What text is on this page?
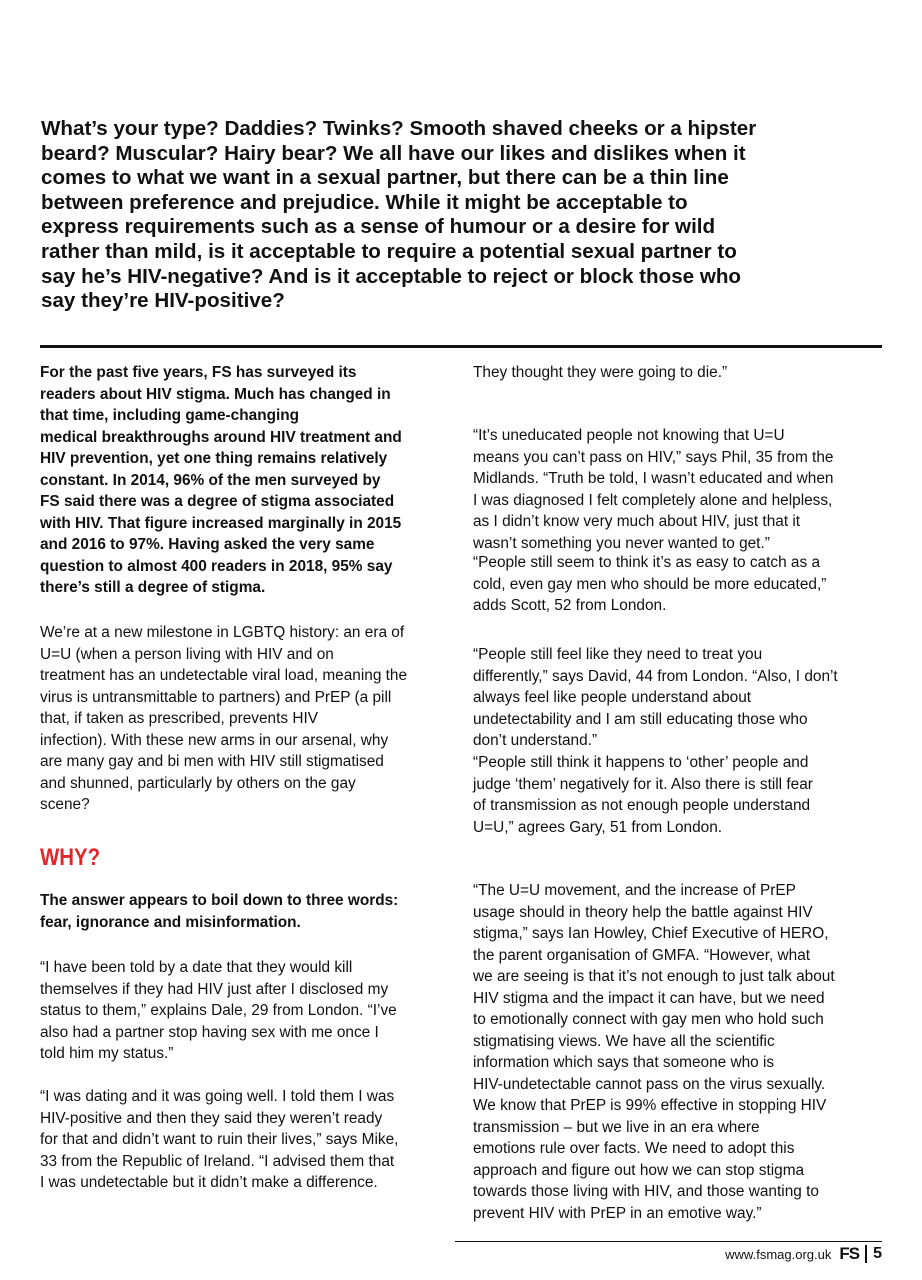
What’s your type? Daddies? Twinks? Smooth shaved cheeks or a hipster
beard? Muscular? Hairy bear? We all have our likes and dislikes when it
comes to what we want in a sexual partner, but there can be a thin line
between preference and prejudice. While it might be acceptable to
express requirements such as a sense of humour or a desire for wild
rather than mild, is it acceptable to require a potential sexual partner to
say he’s HIV-negative? And is it acceptable to reject or block those who
say they’re HIV-positive?
For the past five years, FS has surveyed its
readers about HIV stigma. Much has changed in
that time, including game-changing
medical breakthroughs around HIV treatment and
HIV prevention, yet one thing remains relatively
constant. In 2014, 96% of the men surveyed by
FS said there was a degree of stigma associated
with HIV. That figure increased marginally in 2015
and 2016 to 97%. Having asked the very same
question to almost 400 readers in 2018, 95% say
there’s still a degree of stigma.
We’re at a new milestone in LGBTQ history: an era of
U=U (when a person living with HIV and on
treatment has an undetectable viral load, meaning the
virus is untransmittable to partners) and PrEP (a pill
that, if taken as prescribed, prevents HIV
infection). With these new arms in our arsenal, why
are many gay and bi men with HIV still stigmatised
and shunned, particularly by others on the gay
scene?
The answer appears to boil down to three words:
fear, ignorance and misinformation.
“I have been told by a date that they would kill
themselves if they had HIV just after I disclosed my
status to them,” explains Dale, 29 from London. “I’ve
also had a partner stop having sex with me once I
told him my status.”
“I was dating and it was going well. I told them I was
HIV-positive and then they said they weren’t ready
for that and didn’t want to ruin their lives,” says Mike,
33 from the Republic of Ireland. “I advised them that
I was undetectable but it didn’t make a difference.
WHY?
They thought they were going to die.”
“It’s uneducated people not knowing that U=U
means you can’t pass on HIV,” says Phil, 35 from the
Midlands. “Truth be told, I wasn’t educated and when
I was diagnosed I felt completely alone and helpless,
as I didn’t know very much about HIV, just that it
wasn’t something you never wanted to get.”
“People still seem to think it’s as easy to catch as a
cold, even gay men who should be more educated,”
adds Scott, 52 from London.
“People still feel like they need to treat you
differently,” says David, 44 from London. “Also, I don’t
always feel like people understand about
undetectability and I am still educating those who
don’t understand.”
“People still think it happens to ‘other’ people and
judge ‘them’ negatively for it. Also there is still fear
of transmission as not enough people understand
U=U,” agrees Gary, 51 from London.
“The U=U movement, and the increase of PrEP
usage should in theory help the battle against HIV
stigma,” says Ian Howley, Chief Executive of HERO,
the parent organisation of GMFA. “However, what
we are seeing is that it’s not enough to just talk about
HIV stigma and the impact it can have, but we need
to emotionally connect with gay men who hold such
stigmatising views. We have all the scientific
information which says that someone who is
HIV-undetectable cannot pass on the virus sexually.
We know that PrEP is 99% effective in stopping HIV
transmission – but we live in an era where
emotions rule over facts. We need to adopt this
approach and figure out how we can stop stigma
towards those living with HIV, and those wanting to
prevent HIV with PrEP in an emotive way.”
www.fsmag.org.uk FS 5
